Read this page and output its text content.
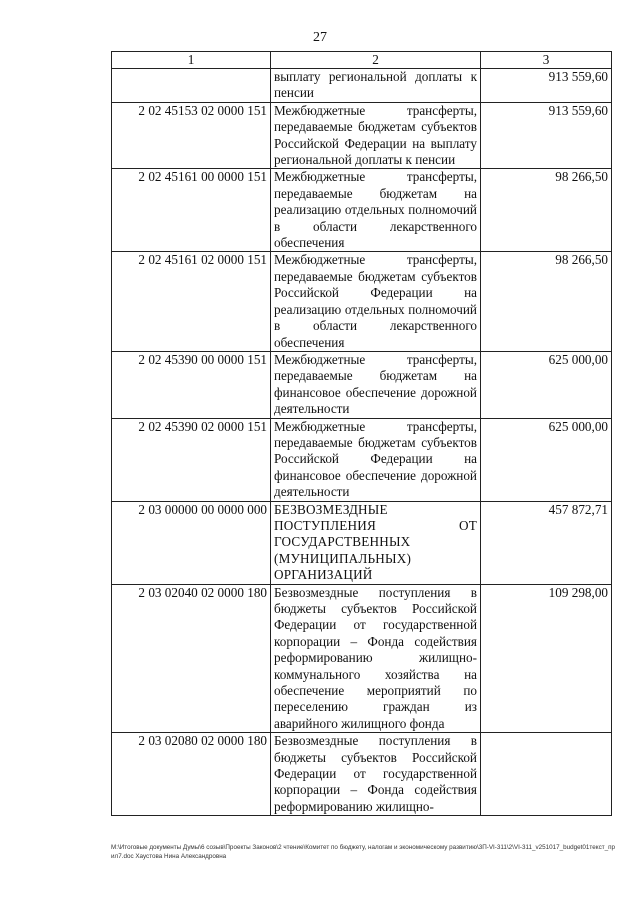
27
1	2	3

	выплату региональной доплаты к пенсии	913 559,60
2 02 45153 02 0000 151	Межбюджетные трансферты, передаваемые бюджетам субъектов Российской Федерации на выплату региональной доплаты к пенсии	913 559,60
2 02 45161 00 0000 151	Межбюджетные трансферты, передаваемые бюджетам на реализацию отдельных полномочий в области лекарственного обеспечения	98 266,50
2 02 45161 02 0000 151	Межбюджетные трансферты, передаваемые бюджетам субъектов Российской Федерации на реализацию отдельных полномочий в области лекарственного обеспечения	98 266,50
2 02 45390 00 0000 151	Межбюджетные трансферты, передаваемые бюджетам на финансовое обеспечение дорожной деятельности	625 000,00
2 02 45390 02 0000 151	Межбюджетные трансферты, передаваемые бюджетам субъектов Российской Федерации на финансовое обеспечение дорожной деятельности	625 000,00
2 03 00000 00 0000 000	БЕЗВОЗМЕЗДНЫЕ ПОСТУПЛЕНИЯ ОТ ГОСУДАРСТВЕННЫХ (МУНИЦИПАЛЬНЫХ) ОРГАНИЗАЦИЙ	457 872,71
2 03 02040 02 0000 180	Безвозмездные поступления в бюджеты субъектов Российской Федерации от государственной корпорации – Фонда содействия реформированию жилищно-коммунального хозяйства на обеспечение мероприятий по переселению граждан из аварийного жилищного фонда	109 298,00
2 03 02080 02 0000 180	Безвозмездные поступления в бюджеты субъектов Российской Федерации от государственной корпорации – Фонда содействия реформированию жилищно-	

M:\Итоговые документы Думы\6 созыв\Проекты Законов\2 чтение\Комитет по бюджету, налогам и экономическому развитию\3П-VI-311\2\VI-311_v251017_budget01текст_прил7.doc Хаустова Нина Александровна
